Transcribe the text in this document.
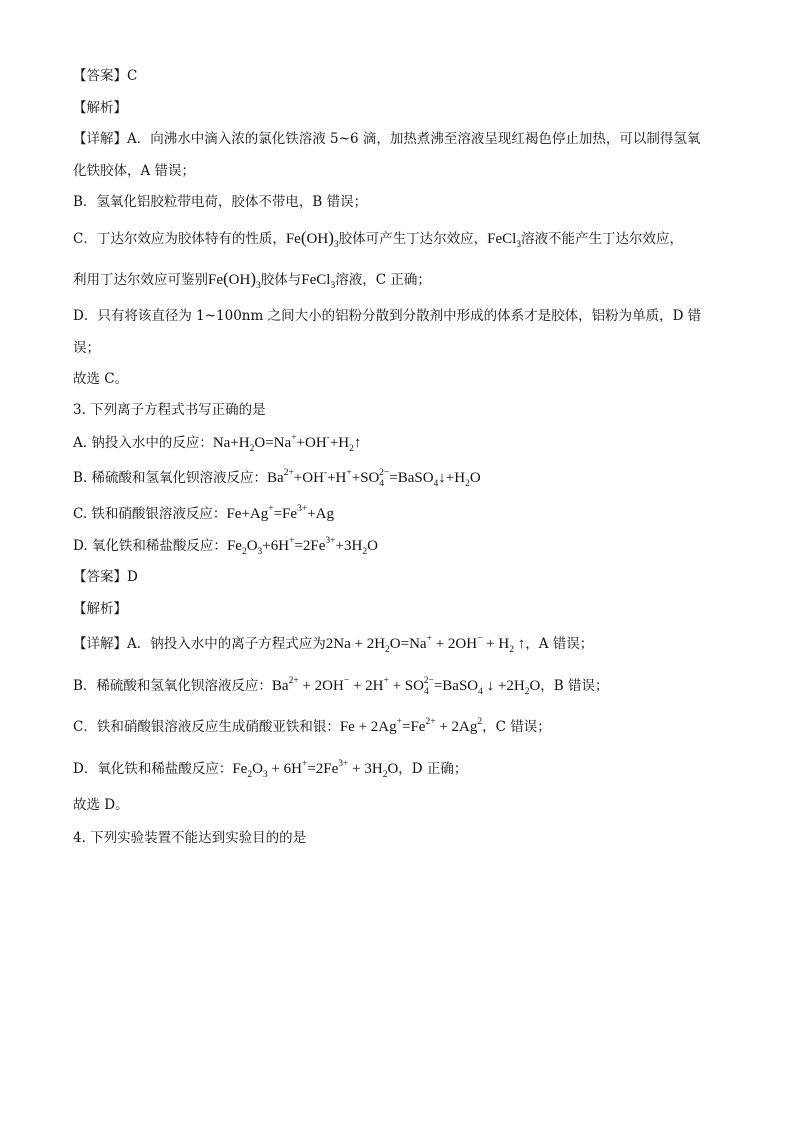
【答案】C
【解析】
【详解】A．向沸水中滴入浓的氯化铁溶液 5~6 滴，加热煮沸至溶液呈现红褐色停止加热，可以制得氢氧
化铁胶体，A 错误；
B．氢氧化铝胶粒带电荷，胶体不带电，B 错误；
C．丁达尔效应为胶体特有的性质，$Fe(OH)_3$胶体可产生丁达尔效应，FeCl$_3$溶液不能产生丁达尔效应，
利用丁达尔效应可鉴别$Fe(OH)_3$胶体与FeCl$_3$溶液，C 正确；
D．只有将该直径为 1~100nm 之间大小的铝粉分散到分散剂中形成的体系才是胶体，铝粉为单质，D 错
误；
故选 C。
3. 下列离子方程式书写正确的是
A. 钠投入水中的反应：$Na+H_2O=Na^++OH^-+H_2↑$
B. 稀硫酸和氢氧化钡溶液反应：$Ba^{2+}+OH^-+H^++SO_4^{2-}=BaSO_4↓+H_2O$
C. 铁和硝酸银溶液反应：$Fe+Ag^+=Fe^{3+}+Ag$
D. 氧化铁和稀盐酸反应：$Fe_2O_3+6H^+=2Fe^{3+}+3H_2O$
【答案】D
【解析】
【详解】A．钠投入水中的离子方程式应为$2Na + 2H_2O=Na^+ + 2OH^- + H_2$ ↑，A 错误；
B．稀硫酸和氢氧化钡溶液反应：$Ba^{2+} + 2OH^- + 2H^+$ + $SO_4^{2-}=BaSO_4$ ↓ $+2H_2O$，B 错误；
C．铁和硝酸银溶液反应生成硝酸亚铁和银：$Fe + 2Ag^+=Fe^{2+} + 2Ag^2$，C 错误；
D．氧化铁和稀盐酸反应：$Fe_2O_3 + 6H^+=2Fe^{3+} + 3H_2O$，D 正确；
故选 D。
4. 下列实验装置不能达到实验目的的是
